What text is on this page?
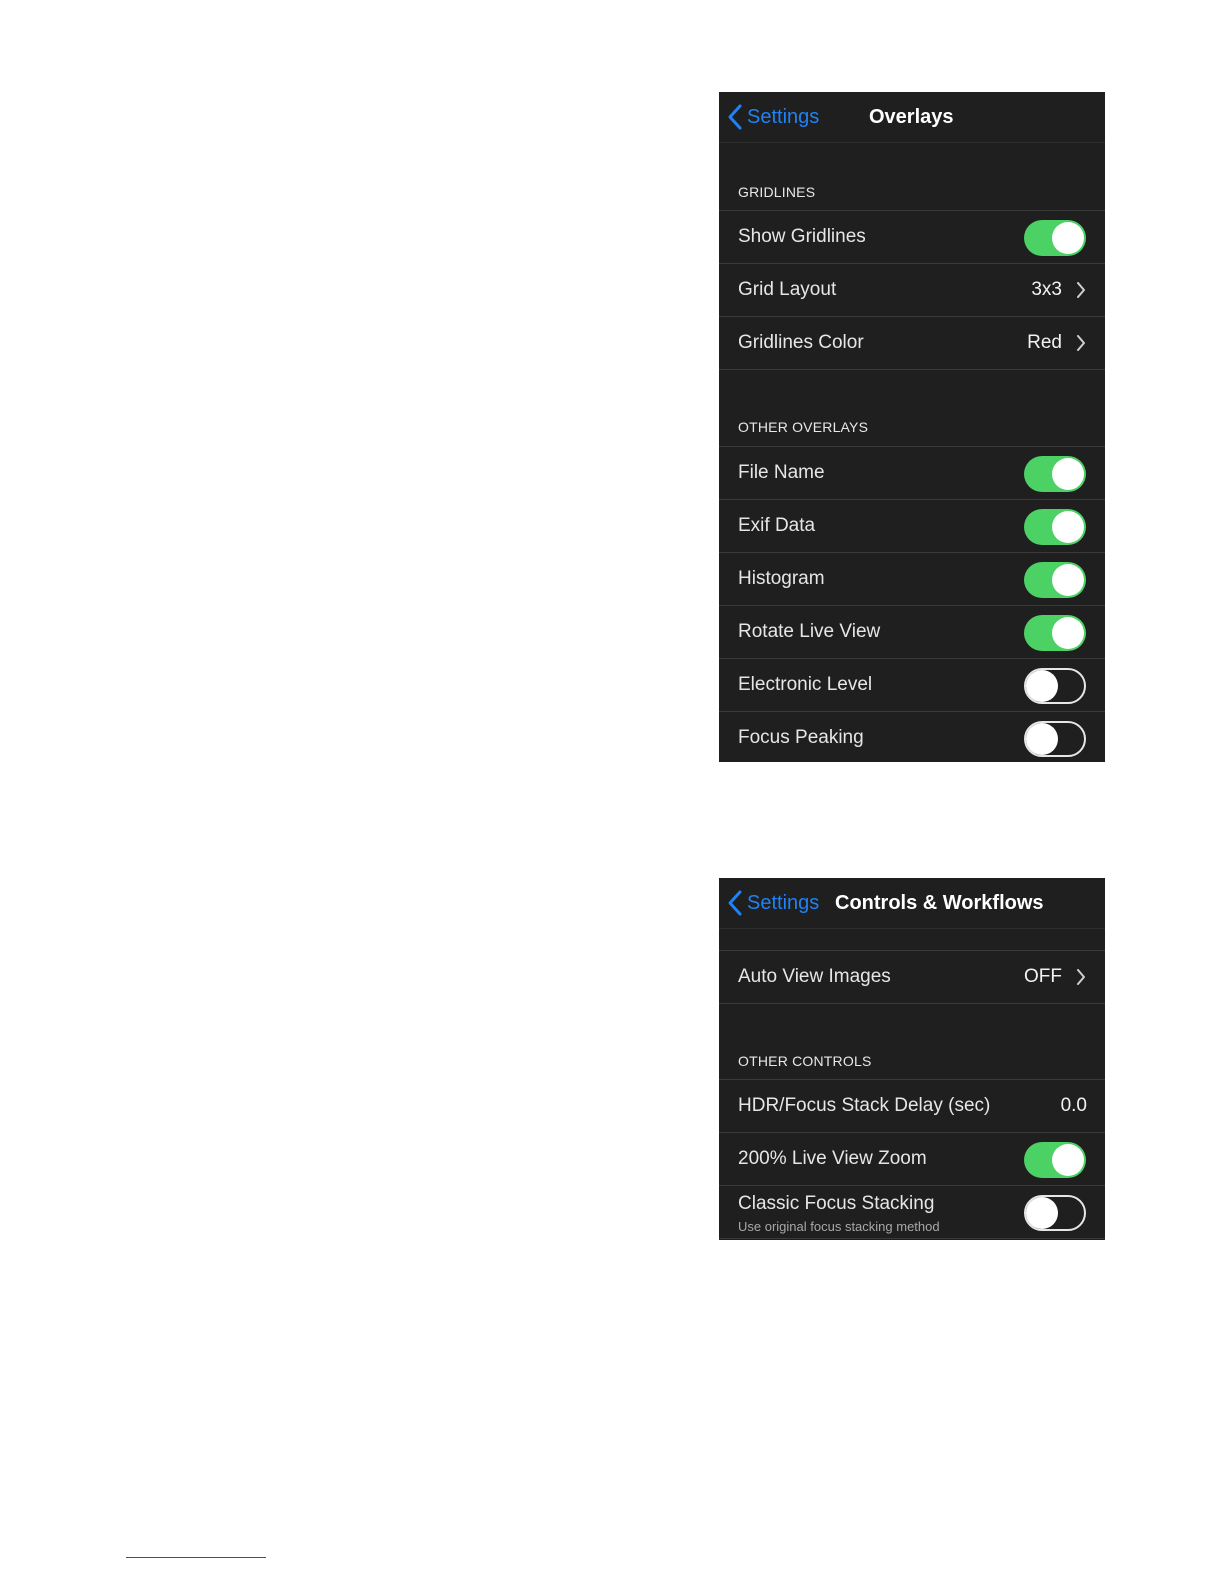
Settings Overlays
GRIDLINES
Show Gridlines
Grid Layout	3x3
Gridlines Color	Red
OTHER OVERLAYS
File Name
Exif Data
Histogram
Rotate Live View
Electronic Level
Focus Peaking
Settings Controls & Workflows
Auto View Images	OFF
OTHER CONTROLS
HDR/Focus Stack Delay (sec)	0.0
200% Live View Zoom
Classic Focus Stacking
Use original focus stacking method
